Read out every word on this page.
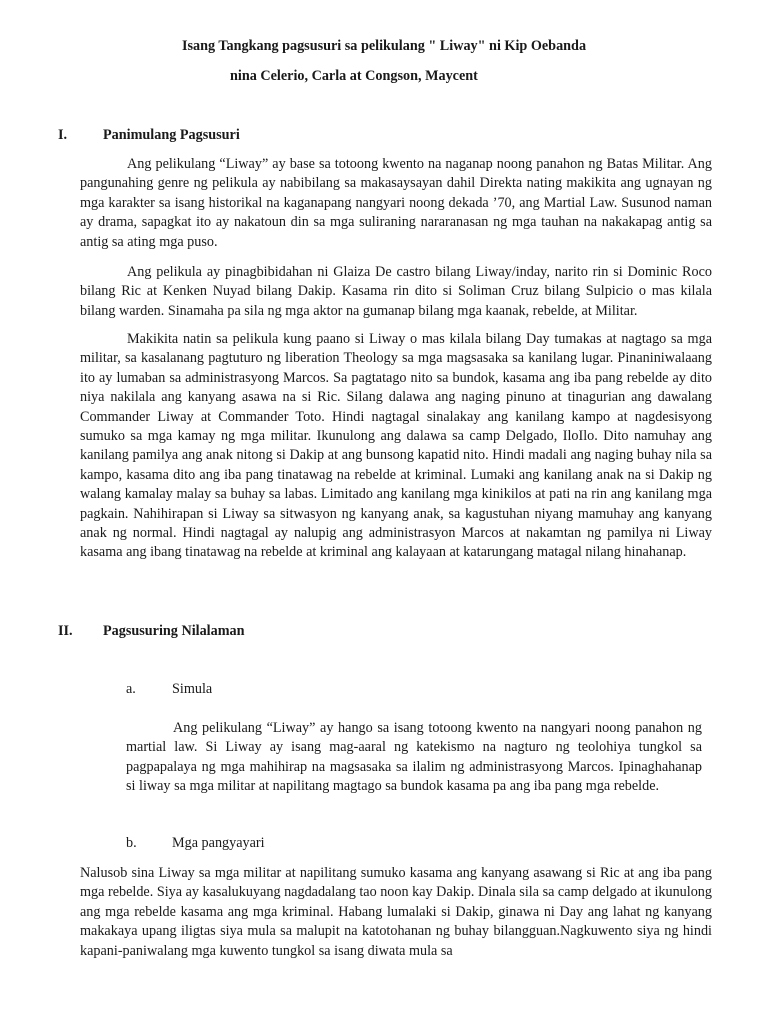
Isang Tangkang pagsusuri sa pelikulang " Liway" ni Kip Oebanda
nina Celerio, Carla at Congson, Maycent
I.	Panimulang Pagsusuri
Ang pelikulang “Liway” ay base sa totoong kwento na naganap noong panahon ng Batas Militar. Ang pangunahing genre ng pelikula ay nabibilang sa makasaysayan dahil Direkta nating makikita ang ugnayan ng mga karakter sa isang historikal na kaganapang nangyari noong dekada ’70, ang Martial Law. Susunod naman ay drama, sapagkat ito ay nakatoun din sa mga suliraning nararanasan ng mga tauhan na nakakapag antig sa antig sa ating mga puso.
Ang pelikula ay pinagbibidahan ni Glaiza De castro bilang Liway/inday, narito rin si Dominic Roco bilang Ric at Kenken Nuyad bilang Dakip. Kasama rin dito si Soliman Cruz bilang Sulpicio o mas kilala bilang warden. Sinamaha pa sila ng mga aktor na gumanap bilang mga kaanak, rebelde, at Militar.
Makikita natin sa pelikula kung paano si Liway o mas kilala bilang Day tumakas at nagtago sa mga militar, sa kasalanang pagtuturo ng liberation Theology sa mga magsasaka sa kanilang lugar. Pinaniniwalaang ito ay lumaban sa administrasyong Marcos. Sa pagtatago nito sa bundok, kasama ang iba pang rebelde ay dito niya nakilala ang kanyang asawa na si Ric. Silang dalawa ang naging pinuno at tinagurian ang dawalang Commander Liway at Commander Toto. Hindi nagtagal sinalakay ang kanilang kampo at nagdesisyong sumuko sa mga kamay ng mga militar. Ikunulong ang dalawa sa camp Delgado, IloIlo. Dito namuhay ang kanilang pamilya ang anak nitong si Dakip at ang bunsong kapatid nito. Hindi madali ang naging buhay nila sa kampo, kasama dito ang iba pang tinatawag na rebelde at kriminal. Lumaki ang kanilang anak na si Dakip ng walang kamalay malay sa buhay sa labas. Limitado ang kanilang mga kinikilos at pati na rin ang kanilang mga pagkain. Nahihirapan si Liway sa sitwasyon ng kanyang anak, sa kagustuhan niyang mamuhay ang kanyang anak ng normal. Hindi nagtagal ay nalupig ang administrasyon Marcos at nakamtan ng pamilya ni Liway kasama ang ibang tinatawag na rebelde at kriminal ang kalayaan at katarungang matagal nilang hinahanap.
II. Pagsusuring Nilalaman
a.	Simula
Ang pelikulang “Liway” ay hango sa isang totoong kwento na nangyari noong panahon ng martial law. Si Liway ay isang mag-aaral ng katekismo na nagturo ng teolohiya tungkol sa pagpapalaya ng mga mahihirap na magsasaka sa ilalim ng administrasyong Marcos. Ipinaghahanap si liway sa mga militar at napilitang magtago sa bundok kasama pa ang iba pang mga rebelde.
b. Mga pangyayari
Nalusob sina Liway sa mga militar at napilitang sumuko kasama ang kanyang asawang si Ric at ang iba pang mga rebelde. Siya ay kasalukuyang nagdadalang tao noon kay Dakip. Dinala sila sa camp delgado at ikunulong ang mga rebelde kasama ang mga kriminal. Habang lumalaki si Dakip, ginawa ni Day ang lahat ng kanyang makakaya upang iligtas siya mula sa malupit na katotohanan ng buhay bilangguan.Nagkuwento siya ng hindi kapani-paniwalang mga kuwento tungkol sa isang diwata mula sa
